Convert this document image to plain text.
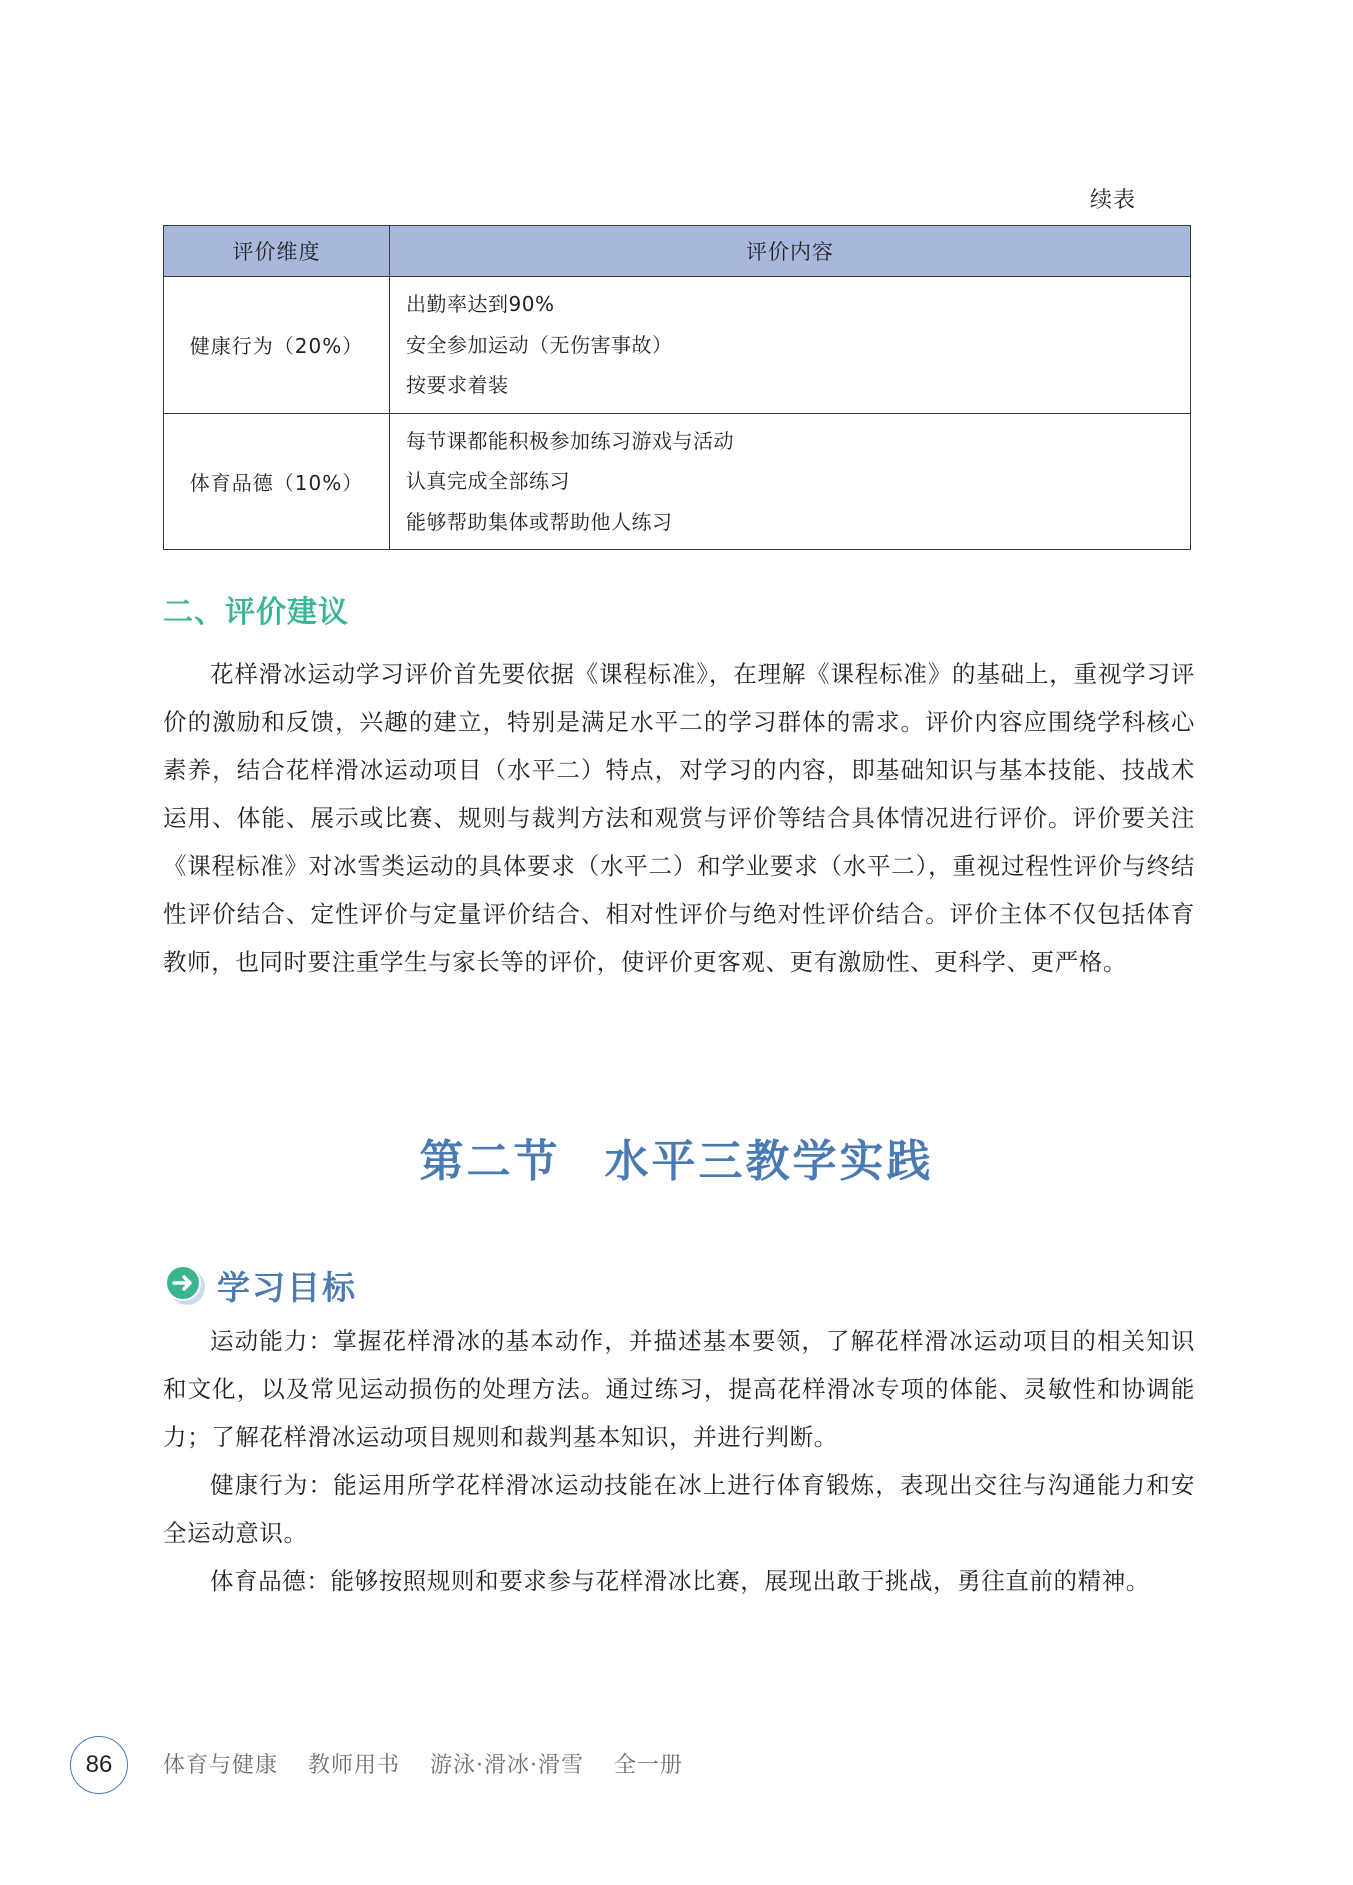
续表
评价维度	评价内容
健康行为（20%）	出勤率达到90%
安全参加运动（无伤害事故）
按要求着装

体育品德（10%）	每节课都能积极参加练习游戏与活动
认真完成全部练习
能够帮助集体或帮助他人练习
二、评价建议
花样滑冰运动学习评价首先要依据《课程标准》，在理解《课程标准》的基础上，重视学习评价的激励和反馈，兴趣的建立，特别是满足水平二的学习群体的需求。评价内容应围绕学科核心素养，结合花样滑冰运动项目（水平二）特点，对学习的内容，即基础知识与基本技能、技战术运用、体能、展示或比赛、规则与裁判方法和观赏与评价等结合具体情况进行评价。评价要关注《课程标准》对冰雪类运动的具体要求（水平二）和学业要求（水平二），重视过程性评价与终结性评价结合、定性评价与定量评价结合、相对性评价与绝对性评价结合。评价主体不仅包括体育教师，也同时要注重学生与家长等的评价，使评价更客观、更有激励性、更科学、更严格。
第二节 水平三教学实践
学习目标
运动能力：掌握花样滑冰的基本动作，并描述基本要领，了解花样滑冰运动项目的相关知识和文化，以及常见运动损伤的处理方法。通过练习，提高花样滑冰专项的体能、灵敏性和协调能力；了解花样滑冰运动项目规则和裁判基本知识，并进行判断。
健康行为：能运用所学花样滑冰运动技能在冰上进行体育锻炼，表现出交往与沟通能力和安全运动意识。
体育品德：能够按照规则和要求参与花样滑冰比赛，展现出敢于挑战，勇往直前的精神。
86	体育与健康 教师用书 游泳·滑冰·滑雪 全一册
